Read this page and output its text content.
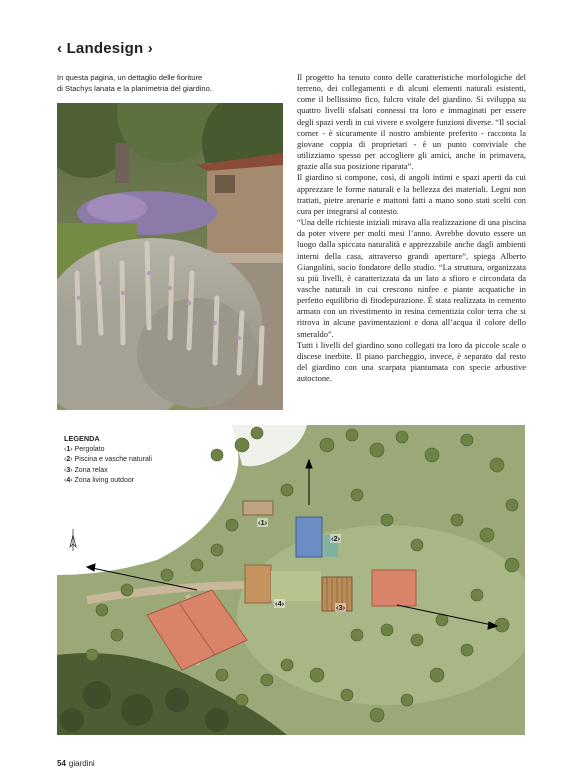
‹ Landesign ›
In questa pagina, un dettaglio delle fioriture
di Stachys lanata e la planimetria del giardino.

Il progetto ha tenuto conto delle caratteristiche morfologiche del terreno, dei collegamenti e di alcuni elementi naturali esistenti, come il bellissimo fico, fulcro vitale del giardino. Si sviluppa su quattro livelli sfalsati connessi tra loro e immaginati per essere degli spazi verdi in cui vivere e svolgere funzioni diverse. “Il social corner - è sicuramente il nostro ambiente preferito - racconta la giovane coppia di proprietari - è un punto conviviale che utilizziamo spesso per accogliere gli amici, anche in primavera, grazie alla sua posizione riparata”.

Il giardino si compone, così, di angoli intimi e spazi aperti da cui apprezzare le forme naturali e la bellezza dei materiali. Legni non trattati, pietre arenarie e mattoni fatti a mano sono stati scelti con cura per integrarsi al contesto.

“Una delle richieste iniziali mirava alla realizzazione di una piscina da poter vivere per molti mesi l’anno. Avrebbe dovuto essere un luogo dalla spiccata naturalità e apprezzabile anche dagli ambienti interni della casa, attraverso grandi aperture”, spiega Alberto Giangolini, socio fondatore dello studio. “La struttura, organizzata su più livelli, è caratterizzata da un lato a sfioro e circondata da vasche naturali in cui crescono ninfee e piante acquatiche in perfetto equilibrio di fitodepurazione. È stata realizzata in cemento armato con un rivestimento in resina cementizia color terra che si ritrova in alcune pavimentazioni e dona all’acqua il colore dello smeraldo”.

Tutti i livelli del giardino sono collegati tra loro da piccole scale o discese inerbite. Il piano parcheggio, invece, è separato dal resto del giardino con una scarpata piantumata con specie arbustive autoctone.

LEGENDA
‹1› Pergolato
‹2› Piscina e vasche naturali
‹3› Zona relax
‹4› Zona living outdoor
‹1›
‹2›
‹3›
‹4›
54 giardini
